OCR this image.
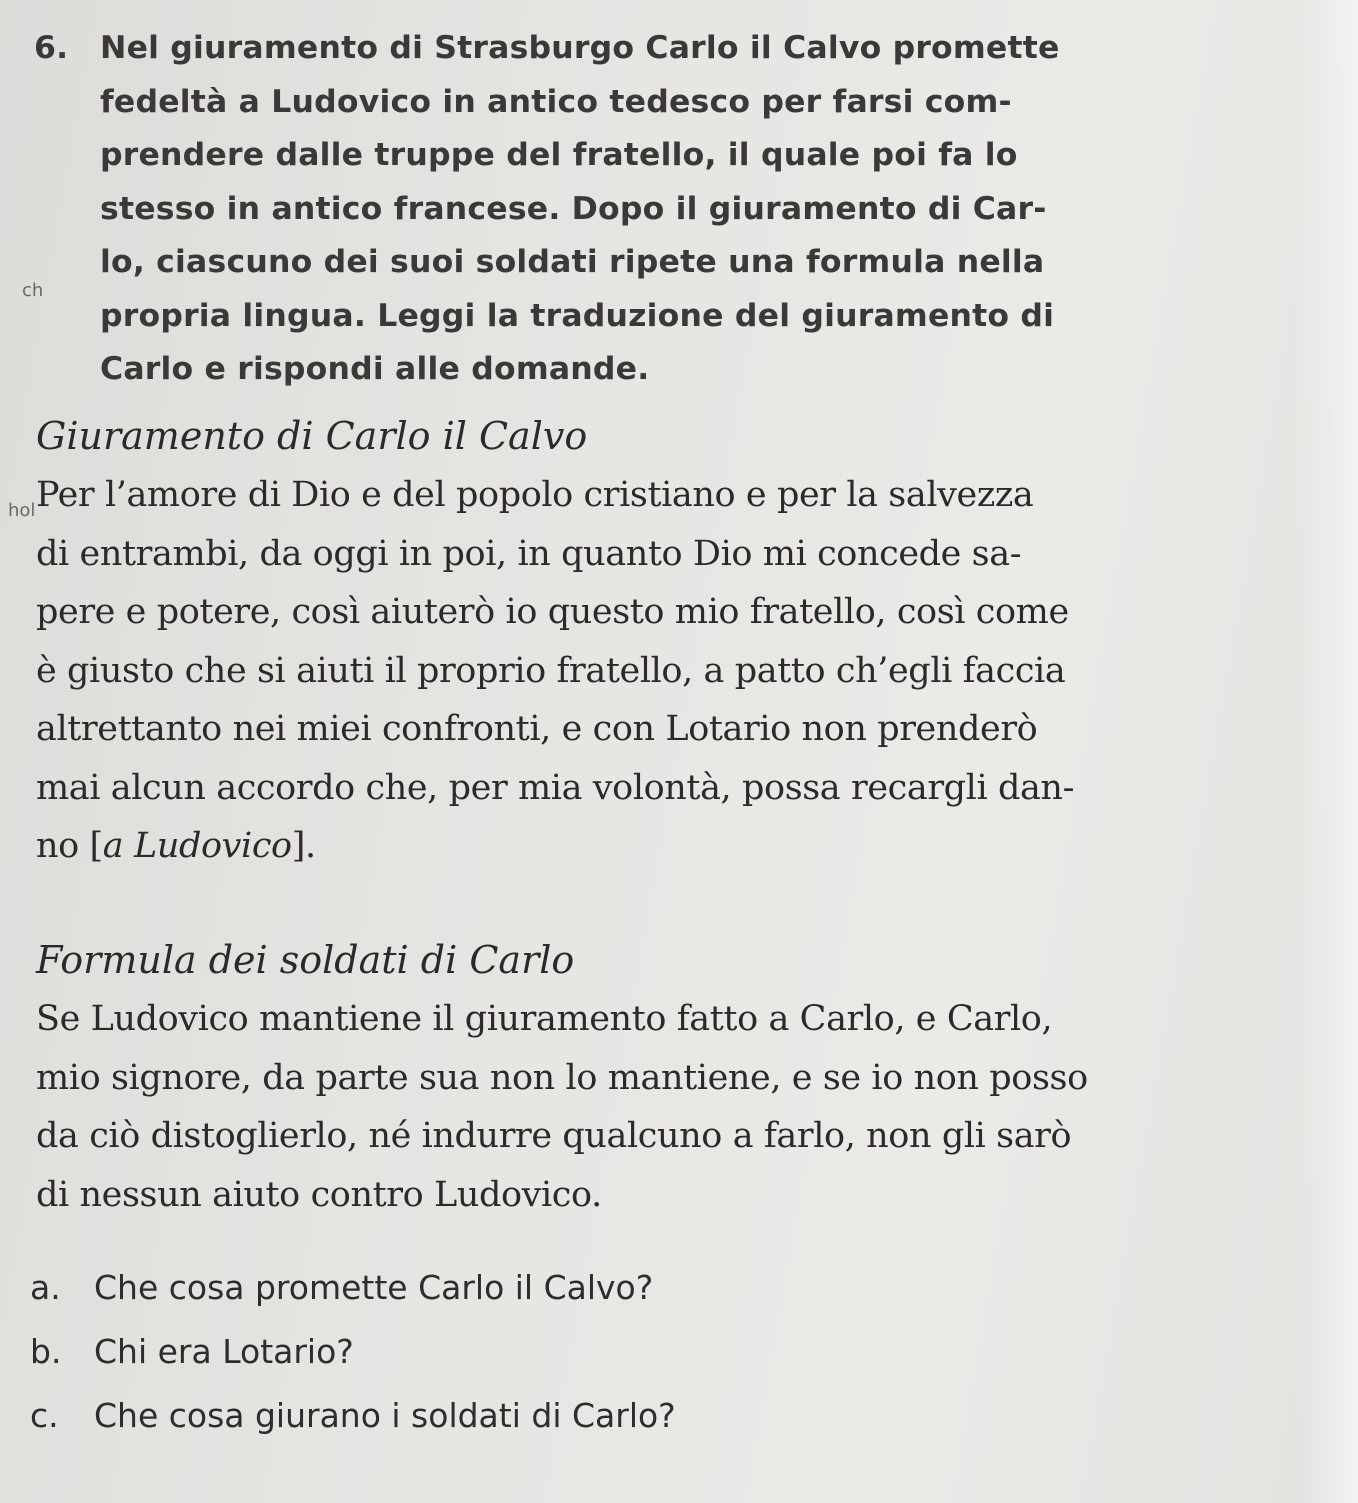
ch
hol
6. Nel giuramento di Strasburgo Carlo il Calvo promette
fedeltà a Ludovico in antico tedesco per farsi com-
prendere dalle truppe del fratello, il quale poi fa lo
stesso in antico francese. Dopo il giuramento di Car-
lo, ciascuno dei suoi soldati ripete una formula nella
propria lingua. Leggi la traduzione del giuramento di
Carlo e rispondi alle domande.
Giuramento di Carlo il Calvo

Per l’amore di Dio e del popolo cristiano e per la salvezza
di entrambi, da oggi in poi, in quanto Dio mi concede sa-
pere e potere, così aiuterò io questo mio fratello, così come
è giusto che si aiuti il proprio fratello, a patto ch’egli faccia
altrettanto nei miei confronti, e con Lotario non prenderò
mai alcun accordo che, per mia volontà, possa recargli dan-
no [a Ludovico].

Formula dei soldati di Carlo

Se Ludovico mantiene il giuramento fatto a Carlo, e Carlo,
mio signore, da parte sua non lo mantiene, e se io non posso
da ciò distoglierlo, né indurre qualcuno a farlo, non gli sarò
di nessun aiuto contro Ludovico.

a. Che cosa promette Carlo il Calvo?
b. Chi era Lotario?
c. Che cosa giurano i soldati di Carlo?
